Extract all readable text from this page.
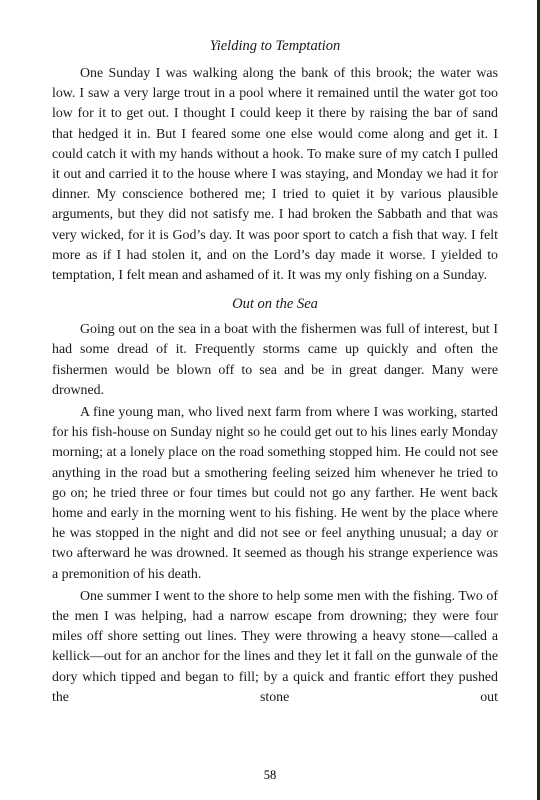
Yielding to Temptation

One Sunday I was walking along the bank of this brook; the water was low. I saw a very large trout in a pool where it remained until the water got too low for it to get out. I thought I could keep it there by raising the bar of sand that hedged it in. But I feared some one else would come along and get it. I could catch it with my hands without a hook. To make sure of my catch I pulled it out and carried it to the house where I was staying, and Monday we had it for dinner. My conscience bothered me; I tried to quiet it by various plausible arguments, but they did not satisfy me. I had broken the Sabbath and that was very wicked, for it is God’s day. It was poor sport to catch a fish that way. I felt more as if I had stolen it, and on the Lord’s day made it worse. I yielded to temptation, I felt mean and ashamed of it. It was my only fishing on a Sunday.

Out on the Sea

Going out on the sea in a boat with the fishermen was full of interest, but I had some dread of it. Frequently storms came up quickly and often the fishermen would be blown off to sea and be in great danger. Many were drowned.

A fine young man, who lived next farm from where I was working, started for his fish-house on Sunday night so he could get out to his lines early Monday morning; at a lonely place on the road something stopped him. He could not see anything in the road but a smothering feeling seized him whenever he tried to go on; he tried three or four times but could not go any farther. He went back home and early in the morning went to his fishing. He went by the place where he was stopped in the night and did not see or feel anything unusual; a day or two afterward he was drowned. It seemed as though his strange experience was a premonition of his death.

One summer I went to the shore to help some men with the fishing. Two of the men I was helping, had a narrow escape from drowning; they were four miles off shore setting out lines. They were throwing a heavy stone—called a kellick—out for an anchor for the lines and they let it fall on the gunwale of the dory which tipped and began to fill; by a quick and frantic effort they pushed the stone out

58
